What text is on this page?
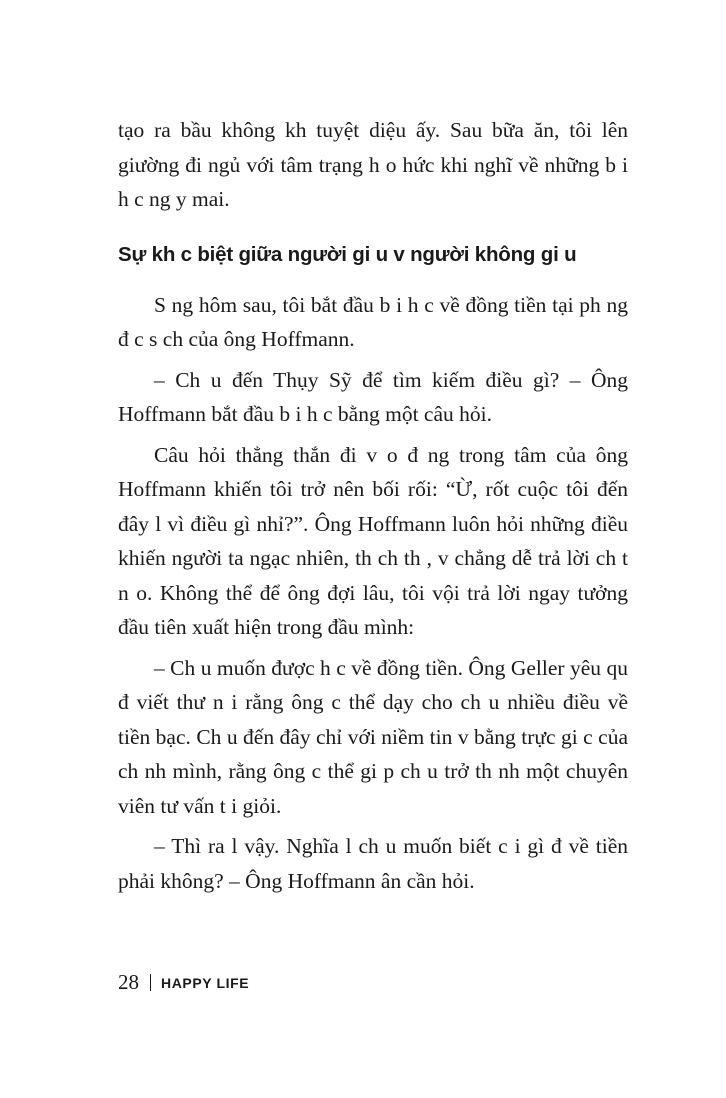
tạo ra bầu không kh tuyệt diệu ấy. Sau bữa ăn, tôi lên giường đi ngủ với tâm trạng h o hức khi nghĩ về những b i h c ng y mai.

Sự kh c biệt giữa người gi u v người không gi u

S ng hôm sau, tôi bắt đầu b i h c về đồng tiền tại ph ng đ c s ch của ông Hoffmann.

– Ch u đến Thụy Sỹ để tìm kiếm điều gì? – Ông Hoffmann bắt đầu b i h c bằng một câu hỏi.

Câu hỏi thẳng thắn đi v o đ ng trong tâm của ông Hoffmann khiến tôi trở nên bối rối: “Ừ, rốt cuộc tôi đến đây l vì điều gì nhỉ?”. Ông Hoffmann luôn hỏi những điều khiến người ta ngạc nhiên, th ch th , v chẳng dễ trả lời ch t n o. Không thể để ông đợi lâu, tôi vội trả lời ngay tưởng đầu tiên xuất hiện trong đầu mình:

– Ch u muốn được h c về đồng tiền. Ông Geller yêu qu đ viết thư n i rằng ông c thể dạy cho ch u nhiều điều về tiền bạc. Ch u đến đây chỉ với niềm tin v bằng trực gi c của ch nh mình, rằng ông c thể gi p ch u trở th nh một chuyên viên tư vấn t i giỏi.

– Thì ra l vậy. Nghĩa l ch u muốn biết c i gì đ về tiền phải không? – Ông Hoffmann ân cần hỏi.

28 HAPPY LIFE
